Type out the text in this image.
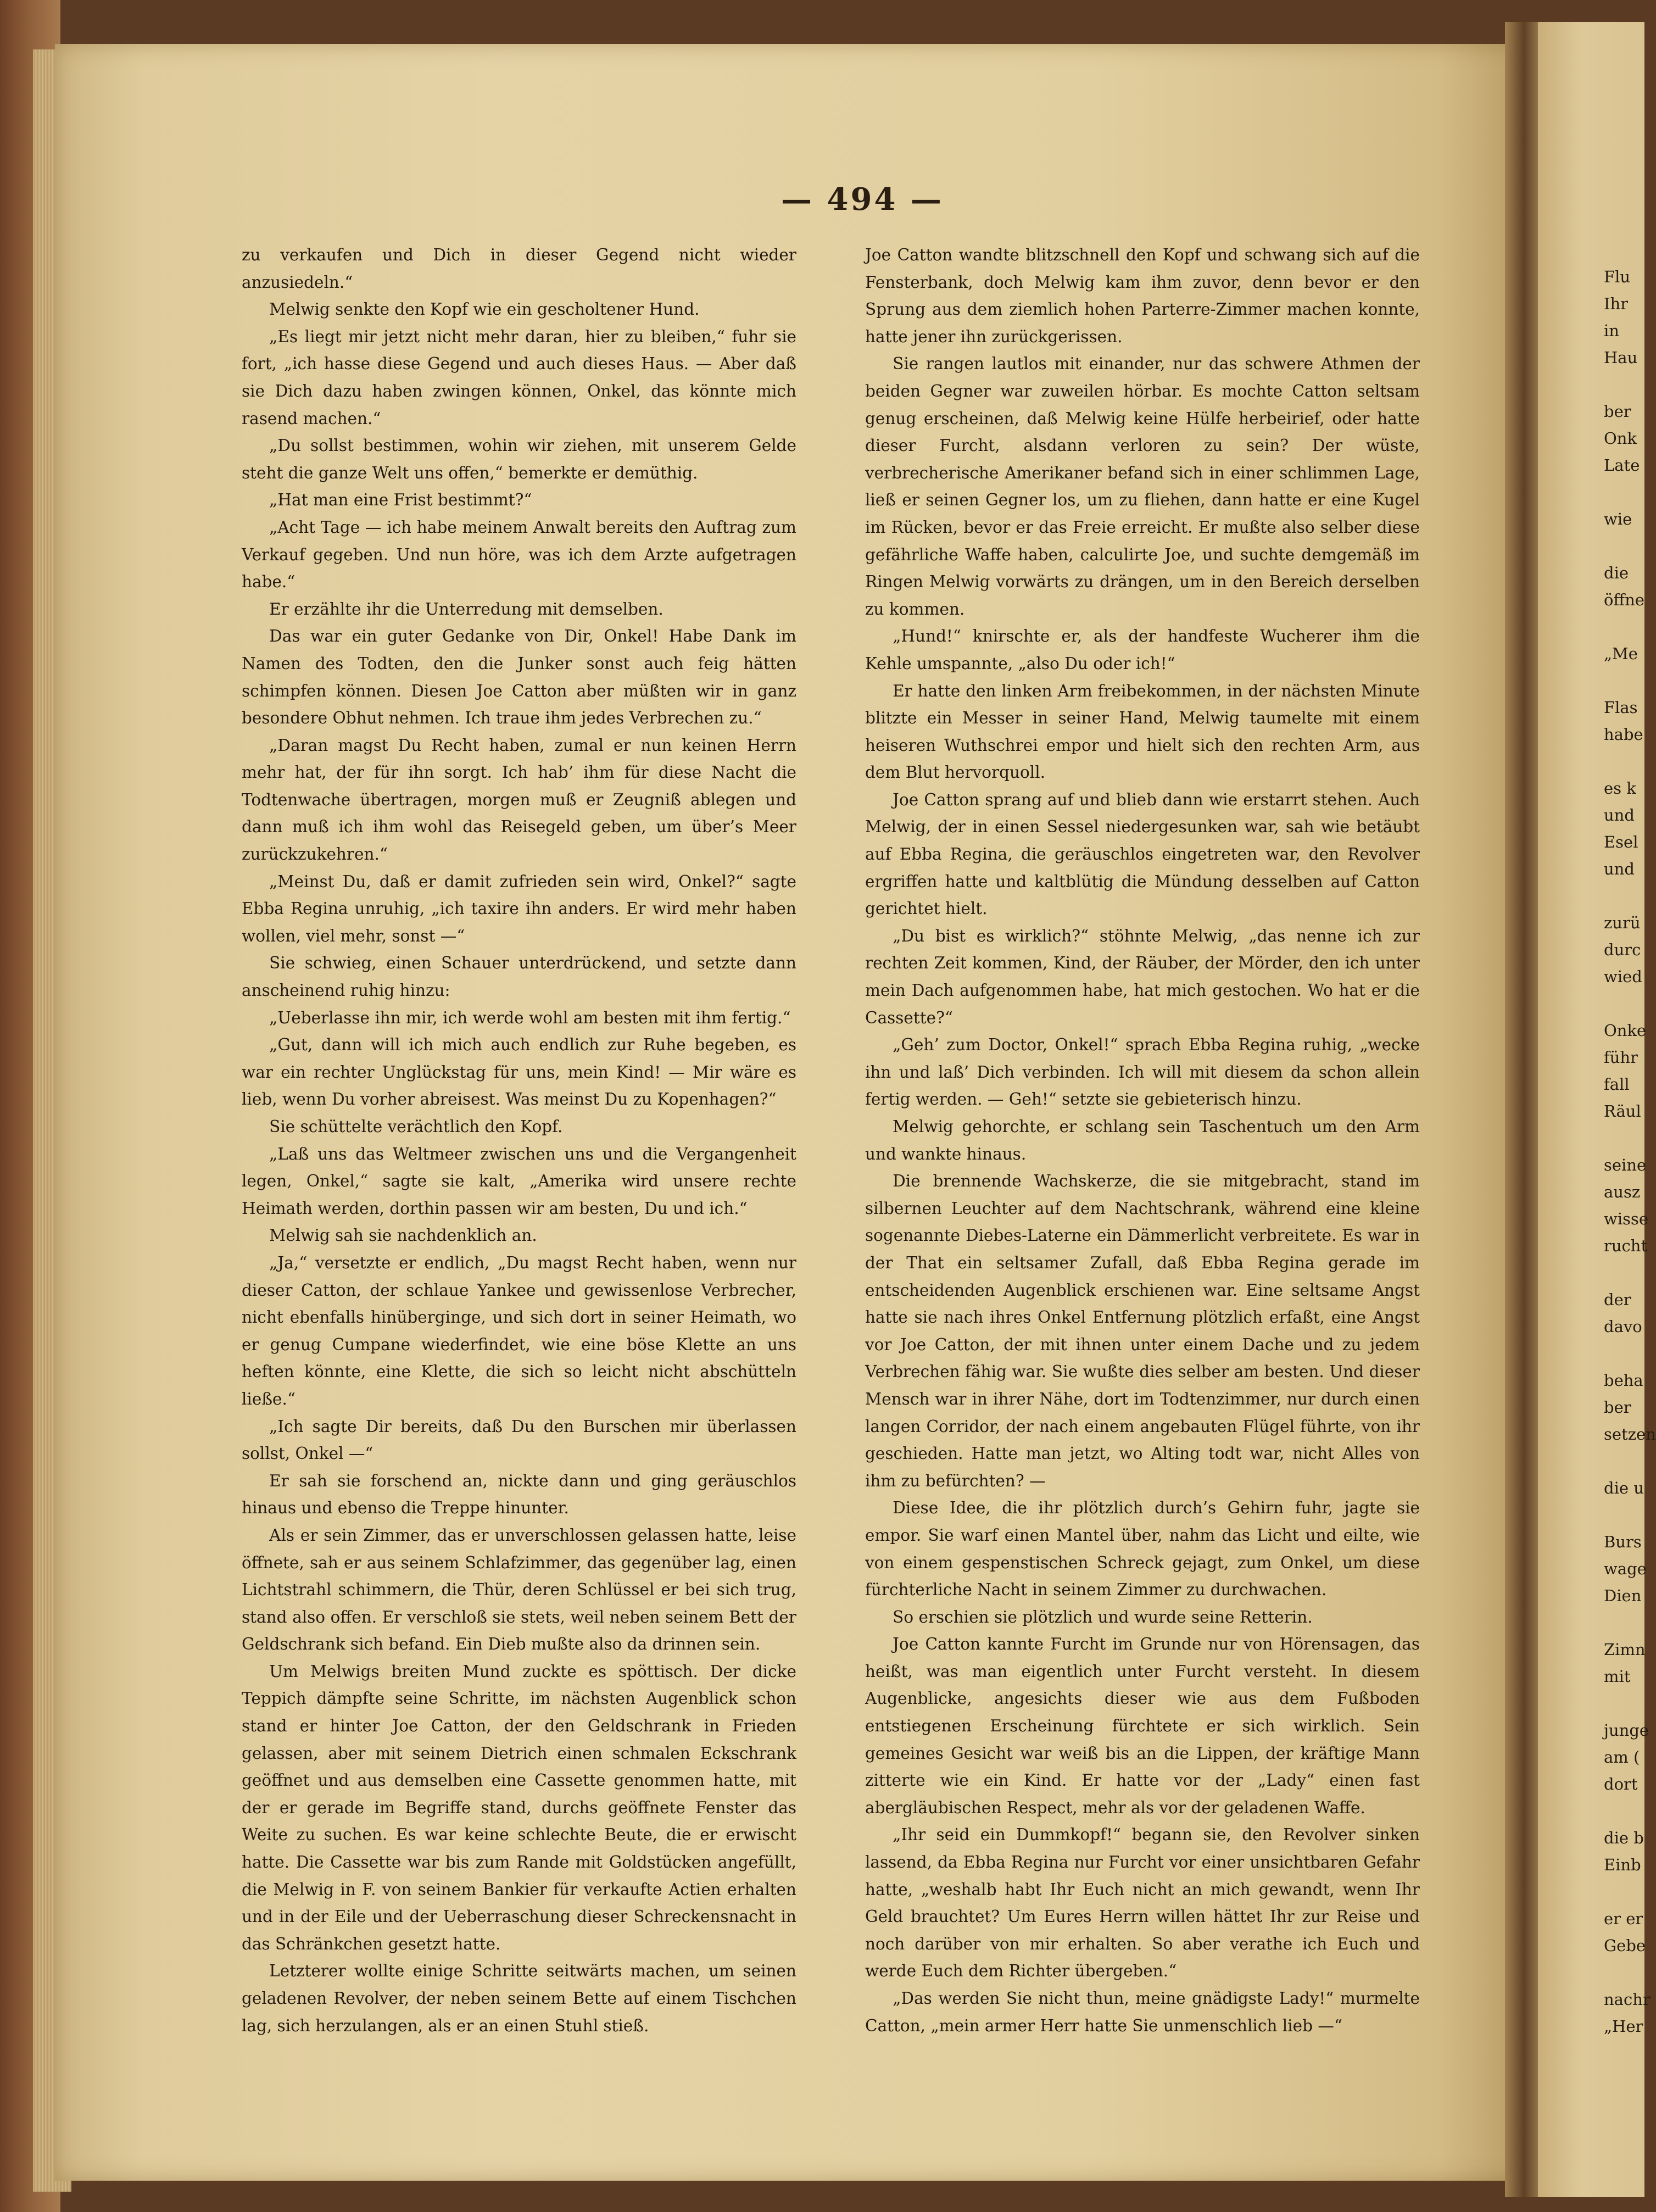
— 494 —

zu verkaufen und Dich in dieser Gegend nicht wieder anzusiedeln.“

Melwig senkte den Kopf wie ein gescholtener Hund.

„Es liegt mir jetzt nicht mehr daran, hier zu bleiben,“ fuhr sie fort, „ich hasse diese Gegend und auch dieses Haus. — Aber daß sie Dich dazu haben zwingen können, Onkel, das könnte mich rasend machen.“

„Du sollst bestimmen, wohin wir ziehen, mit unserem Gelde steht die ganze Welt uns offen,“ bemerkte er demüthig.

„Hat man eine Frist bestimmt?“

„Acht Tage — ich habe meinem Anwalt bereits den Auftrag zum Verkauf gegeben. Und nun höre, was ich dem Arzte aufgetragen habe.“

Er erzählte ihr die Unterredung mit demselben.

Das war ein guter Gedanke von Dir, Onkel! Habe Dank im Namen des Todten, den die Junker sonst auch feig hätten schimpfen können. Diesen Joe Catton aber müßten wir in ganz besondere Obhut nehmen. Ich traue ihm jedes Verbrechen zu.“

„Daran magst Du Recht haben, zumal er nun keinen Herrn mehr hat, der für ihn sorgt. Ich hab’ ihm für diese Nacht die Todtenwache übertragen, morgen muß er Zeugniß ablegen und dann muß ich ihm wohl das Reisegeld geben, um über’s Meer zurückzukehren.“

„Meinst Du, daß er damit zufrieden sein wird, Onkel?“ sagte Ebba Regina unruhig, „ich taxire ihn anders. Er wird mehr haben wollen, viel mehr, sonst —“

Sie schwieg, einen Schauer unterdrückend, und setzte dann anscheinend ruhig hinzu:

„Ueberlasse ihn mir, ich werde wohl am besten mit ihm fertig.“

„Gut, dann will ich mich auch endlich zur Ruhe begeben, es war ein rechter Unglückstag für uns, mein Kind! — Mir wäre es lieb, wenn Du vorher abreisest. Was meinst Du zu Kopenhagen?“

Sie schüttelte verächtlich den Kopf.

„Laß uns das Weltmeer zwischen uns und die Vergangenheit legen, Onkel,“ sagte sie kalt, „Amerika wird unsere rechte Heimath werden, dorthin passen wir am besten, Du und ich.“

Melwig sah sie nachdenklich an.

„Ja,“ versetzte er endlich, „Du magst Recht haben, wenn nur dieser Catton, der schlaue Yankee und gewissenlose Verbrecher, nicht ebenfalls hinüberginge, und sich dort in seiner Heimath, wo er genug Cumpane wiederfindet, wie eine böse Klette an uns heften könnte, eine Klette, die sich so leicht nicht abschütteln ließe.“

„Ich sagte Dir bereits, daß Du den Burschen mir überlassen sollst, Onkel —“

Er sah sie forschend an, nickte dann und ging geräuschlos hinaus und ebenso die Treppe hinunter.

Als er sein Zimmer, das er unverschlossen gelassen hatte, leise öffnete, sah er aus seinem Schlafzimmer, das gegenüber lag, einen Lichtstrahl schimmern, die Thür, deren Schlüssel er bei sich trug, stand also offen. Er verschloß sie stets, weil neben seinem Bett der Geldschrank sich befand. Ein Dieb mußte also da drinnen sein.

Um Melwigs breiten Mund zuckte es spöttisch. Der dicke Teppich dämpfte seine Schritte, im nächsten Augenblick schon stand er hinter Joe Catton, der den Geldschrank in Frieden gelassen, aber mit seinem Dietrich einen schmalen Eckschrank geöffnet und aus demselben eine Cassette genommen hatte, mit der er gerade im Begriffe stand, durchs geöffnete Fenster das Weite zu suchen. Es war keine schlechte Beute, die er erwischt hatte. Die Cassette war bis zum Rande mit Goldstücken angefüllt, die Melwig in F. von seinem Bankier für verkaufte Actien erhalten und in der Eile und der Ueberraschung dieser Schreckensnacht in das Schränkchen gesetzt hatte.

Letzterer wollte einige Schritte seitwärts machen, um seinen geladenen Revolver, der neben seinem Bette auf einem Tischchen lag, sich herzulangen, als er an einen Stuhl stieß.

Joe Catton wandte blitzschnell den Kopf und schwang sich auf die Fensterbank, doch Melwig kam ihm zuvor, denn bevor er den Sprung aus dem ziemlich hohen Parterre-Zimmer machen konnte, hatte jener ihn zurückgerissen.

Sie rangen lautlos mit einander, nur das schwere Athmen der beiden Gegner war zuweilen hörbar. Es mochte Catton seltsam genug erscheinen, daß Melwig keine Hülfe herbeirief, oder hatte dieser Furcht, alsdann verloren zu sein? Der wüste, verbrecherische Amerikaner befand sich in einer schlimmen Lage, ließ er seinen Gegner los, um zu fliehen, dann hatte er eine Kugel im Rücken, bevor er das Freie erreicht. Er mußte also selber diese gefährliche Waffe haben, calculirte Joe, und suchte demgemäß im Ringen Melwig vorwärts zu drängen, um in den Bereich derselben zu kommen.

„Hund!“ knirschte er, als der handfeste Wucherer ihm die Kehle umspannte, „also Du oder ich!“

Er hatte den linken Arm freibekommen, in der nächsten Minute blitzte ein Messer in seiner Hand, Melwig taumelte mit einem heiseren Wuthschrei empor und hielt sich den rechten Arm, aus dem Blut hervorquoll.

Joe Catton sprang auf und blieb dann wie erstarrt stehen. Auch Melwig, der in einen Sessel niedergesunken war, sah wie betäubt auf Ebba Regina, die geräuschlos eingetreten war, den Revolver ergriffen hatte und kaltblütig die Mündung desselben auf Catton gerichtet hielt.

„Du bist es wirklich?“ stöhnte Melwig, „das nenne ich zur rechten Zeit kommen, Kind, der Räuber, der Mörder, den ich unter mein Dach aufgenommen habe, hat mich gestochen. Wo hat er die Cassette?“

„Geh’ zum Doctor, Onkel!“ sprach Ebba Regina ruhig, „wecke ihn und laß’ Dich verbinden. Ich will mit diesem da schon allein fertig werden. — Geh!“ setzte sie gebieterisch hinzu.

Melwig gehorchte, er schlang sein Taschentuch um den Arm und wankte hinaus.

Die brennende Wachskerze, die sie mitgebracht, stand im silbernen Leuchter auf dem Nachtschrank, während eine kleine sogenannte Diebes-Laterne ein Dämmerlicht verbreitete. Es war in der That ein seltsamer Zufall, daß Ebba Regina gerade im entscheidenden Augenblick erschienen war. Eine seltsame Angst hatte sie nach ihres Onkel Entfernung plötzlich erfaßt, eine Angst vor Joe Catton, der mit ihnen unter einem Dache und zu jedem Verbrechen fähig war. Sie wußte dies selber am besten. Und dieser Mensch war in ihrer Nähe, dort im Todtenzimmer, nur durch einen langen Corridor, der nach einem angebauten Flügel führte, von ihr geschieden. Hatte man jetzt, wo Alting todt war, nicht Alles von ihm zu befürchten? —

Diese Idee, die ihr plötzlich durch’s Gehirn fuhr, jagte sie empor. Sie warf einen Mantel über, nahm das Licht und eilte, wie von einem gespenstischen Schreck gejagt, zum Onkel, um diese fürchterliche Nacht in seinem Zimmer zu durchwachen.

So erschien sie plötzlich und wurde seine Retterin.

Joe Catton kannte Furcht im Grunde nur von Hörensagen, das heißt, was man eigentlich unter Furcht versteht. In diesem Augenblicke, angesichts dieser wie aus dem Fußboden entstiegenen Erscheinung fürchtete er sich wirklich. Sein gemeines Gesicht war weiß bis an die Lippen, der kräftige Mann zitterte wie ein Kind. Er hatte vor der „Lady“ einen fast abergläubischen Respect, mehr als vor der geladenen Waffe.

„Ihr seid ein Dummkopf!“ begann sie, den Revolver sinken lassend, da Ebba Regina nur Furcht vor einer unsichtbaren Gefahr hatte, „weshalb habt Ihr Euch nicht an mich gewandt, wenn Ihr Geld brauchtet? Um Eures Herrn willen hättet Ihr zur Reise und noch darüber von mir erhalten. So aber verathe ich Euch und werde Euch dem Richter übergeben.“

„Das werden Sie nicht thun, meine gnädigste Lady!“ murmelte Catton, „mein armer Herr hatte Sie unmenschlich lieb —“

Flu
Ihr
in
Hau
ber
Onk
Late
wie
die
öffne
„Me
Flas
habe
es k
und
Esel
und
zurü
durc
wied
Onke
führ
fall
Räul
seine
ausz
wisse
rucht
der
davo
beha
ber
setzen
die u
Burs
wage
Dien
Zimn
mit
junge
am (
dort
die b
Einb
er er
Gebe
nachr
„Her
